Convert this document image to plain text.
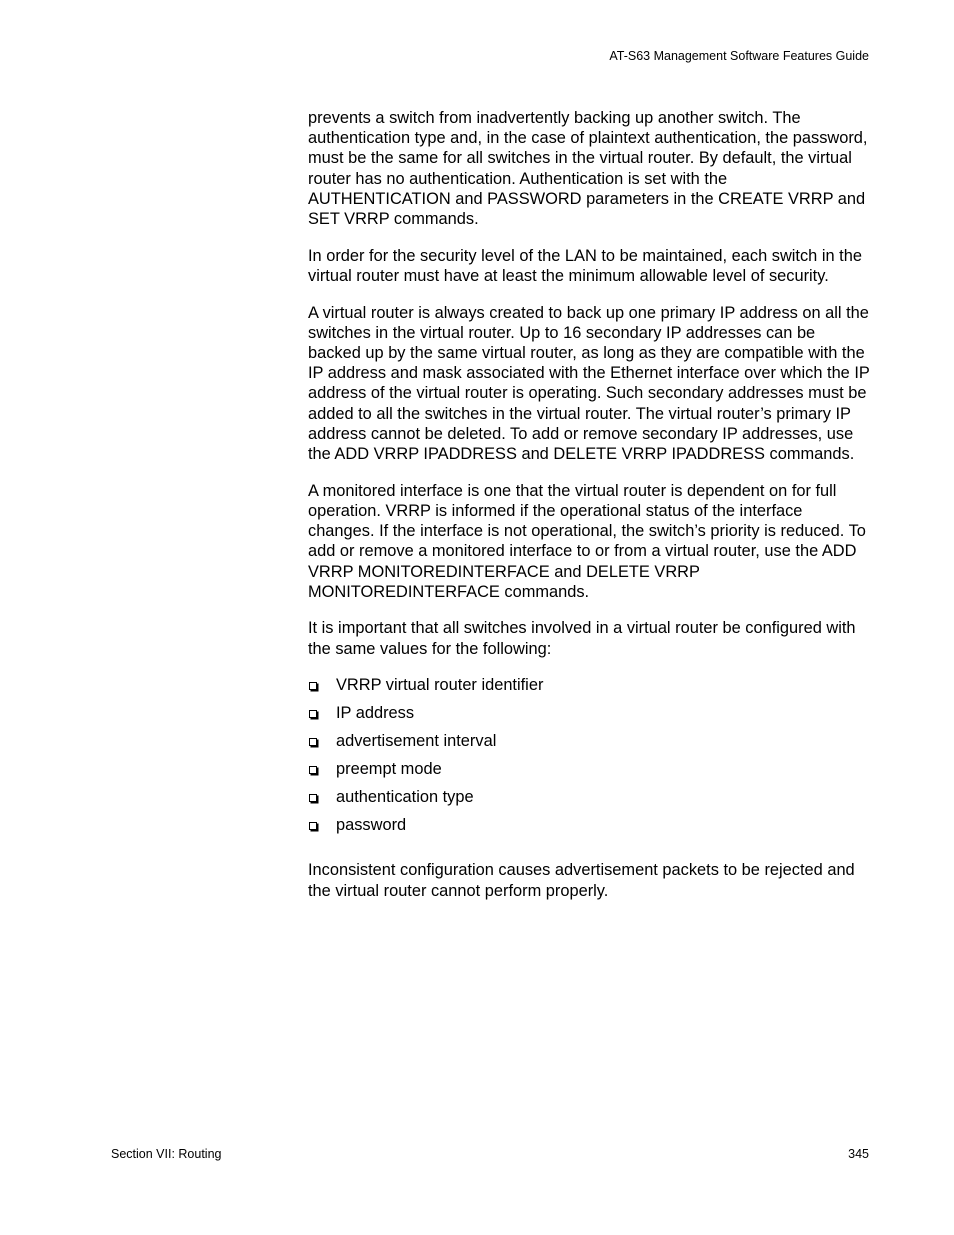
AT-S63 Management Software Features Guide

prevents a switch from inadvertently backing up another switch. The authentication type and, in the case of plaintext authentication, the password, must be the same for all switches in the virtual router. By default, the virtual router has no authentication. Authentication is set with the AUTHENTICATION and PASSWORD parameters in the CREATE VRRP and SET VRRP commands.

In order for the security level of the LAN to be maintained, each switch in the virtual router must have at least the minimum allowable level of security.

A virtual router is always created to back up one primary IP address on all the switches in the virtual router. Up to 16 secondary IP addresses can be backed up by the same virtual router, as long as they are compatible with the IP address and mask associated with the Ethernet interface over which the IP address of the virtual router is operating. Such secondary addresses must be added to all the switches in the virtual router. The virtual router’s primary IP address cannot be deleted. To add or remove secondary IP addresses, use the ADD VRRP IPADDRESS and DELETE VRRP IPADDRESS commands.

A monitored interface is one that the virtual router is dependent on for full operation. VRRP is informed if the operational status of the interface changes. If the interface is not operational, the switch’s priority is reduced. To add or remove a monitored interface to or from a virtual router, use the ADD VRRP MONITOREDINTERFACE and DELETE VRRP MONITOREDINTERFACE commands.

It is important that all switches involved in a virtual router be configured with the same values for the following:

VRRP virtual router identifier
IP address
advertisement interval
preempt mode
authentication type
password

Inconsistent configuration causes advertisement packets to be rejected and the virtual router cannot perform properly.

Section VII: Routing	345
